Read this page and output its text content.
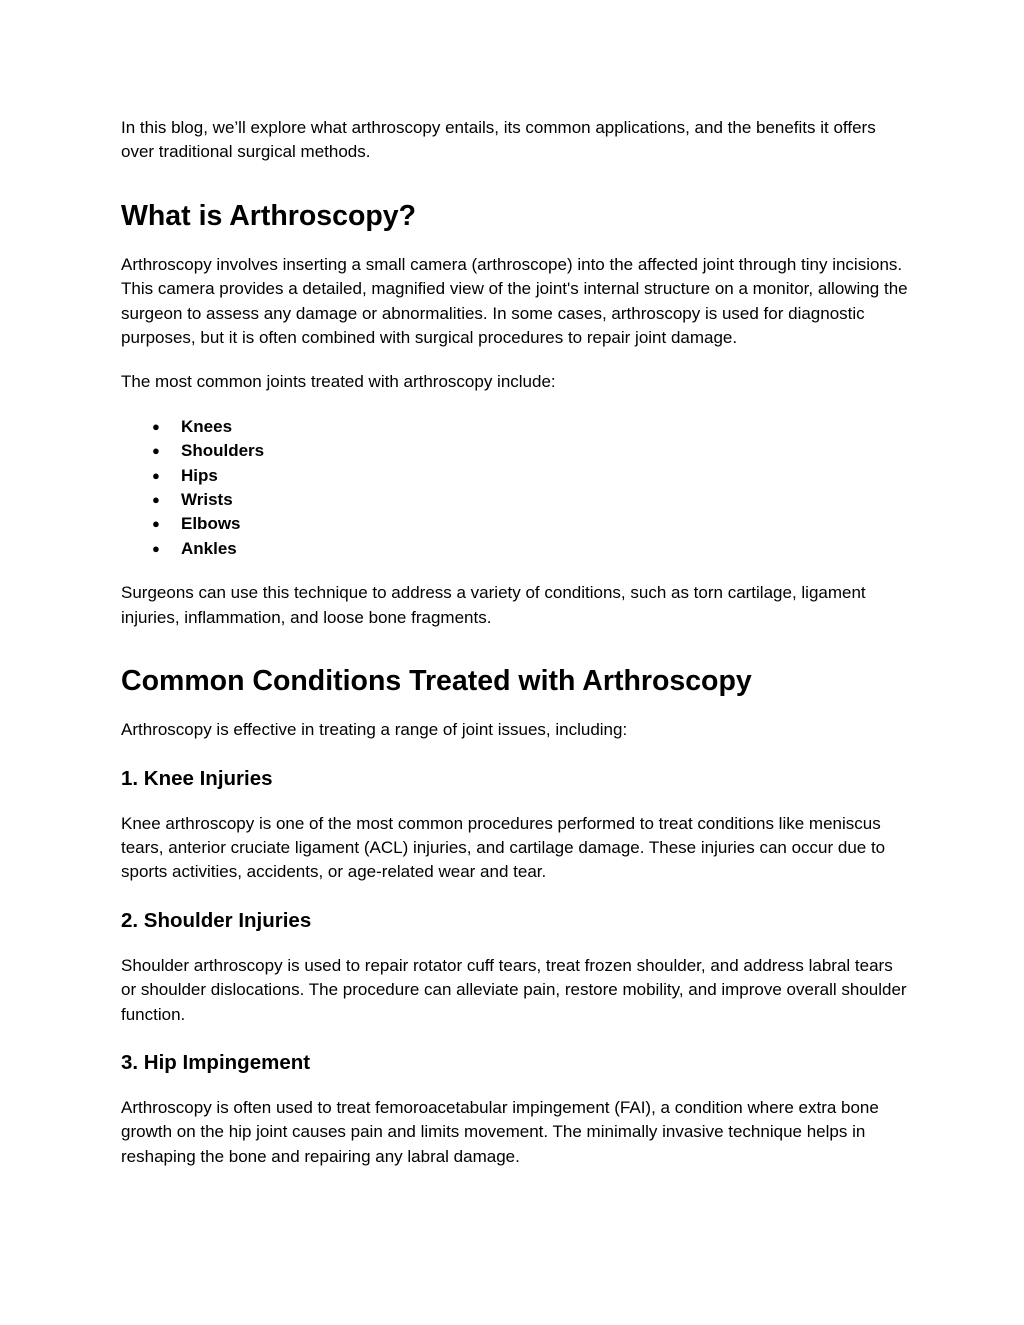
In this blog, we’ll explore what arthroscopy entails, its common applications, and the benefits it offers over traditional surgical methods.

What is Arthroscopy?

Arthroscopy involves inserting a small camera (arthroscope) into the affected joint through tiny incisions. This camera provides a detailed, magnified view of the joint's internal structure on a monitor, allowing the surgeon to assess any damage or abnormalities. In some cases, arthroscopy is used for diagnostic purposes, but it is often combined with surgical procedures to repair joint damage.

The most common joints treated with arthroscopy include:

● Knees
● Shoulders
● Hips
● Wrists
● Elbows
● Ankles

Surgeons can use this technique to address a variety of conditions, such as torn cartilage, ligament injuries, inflammation, and loose bone fragments.

Common Conditions Treated with Arthroscopy

Arthroscopy is effective in treating a range of joint issues, including:

1. Knee Injuries

Knee arthroscopy is one of the most common procedures performed to treat conditions like meniscus tears, anterior cruciate ligament (ACL) injuries, and cartilage damage. These injuries can occur due to sports activities, accidents, or age-related wear and tear.

2. Shoulder Injuries

Shoulder arthroscopy is used to repair rotator cuff tears, treat frozen shoulder, and address labral tears or shoulder dislocations. The procedure can alleviate pain, restore mobility, and improve overall shoulder function.

3. Hip Impingement

Arthroscopy is often used to treat femoroacetabular impingement (FAI), a condition where extra bone growth on the hip joint causes pain and limits movement. The minimally invasive technique helps in reshaping the bone and repairing any labral damage.
